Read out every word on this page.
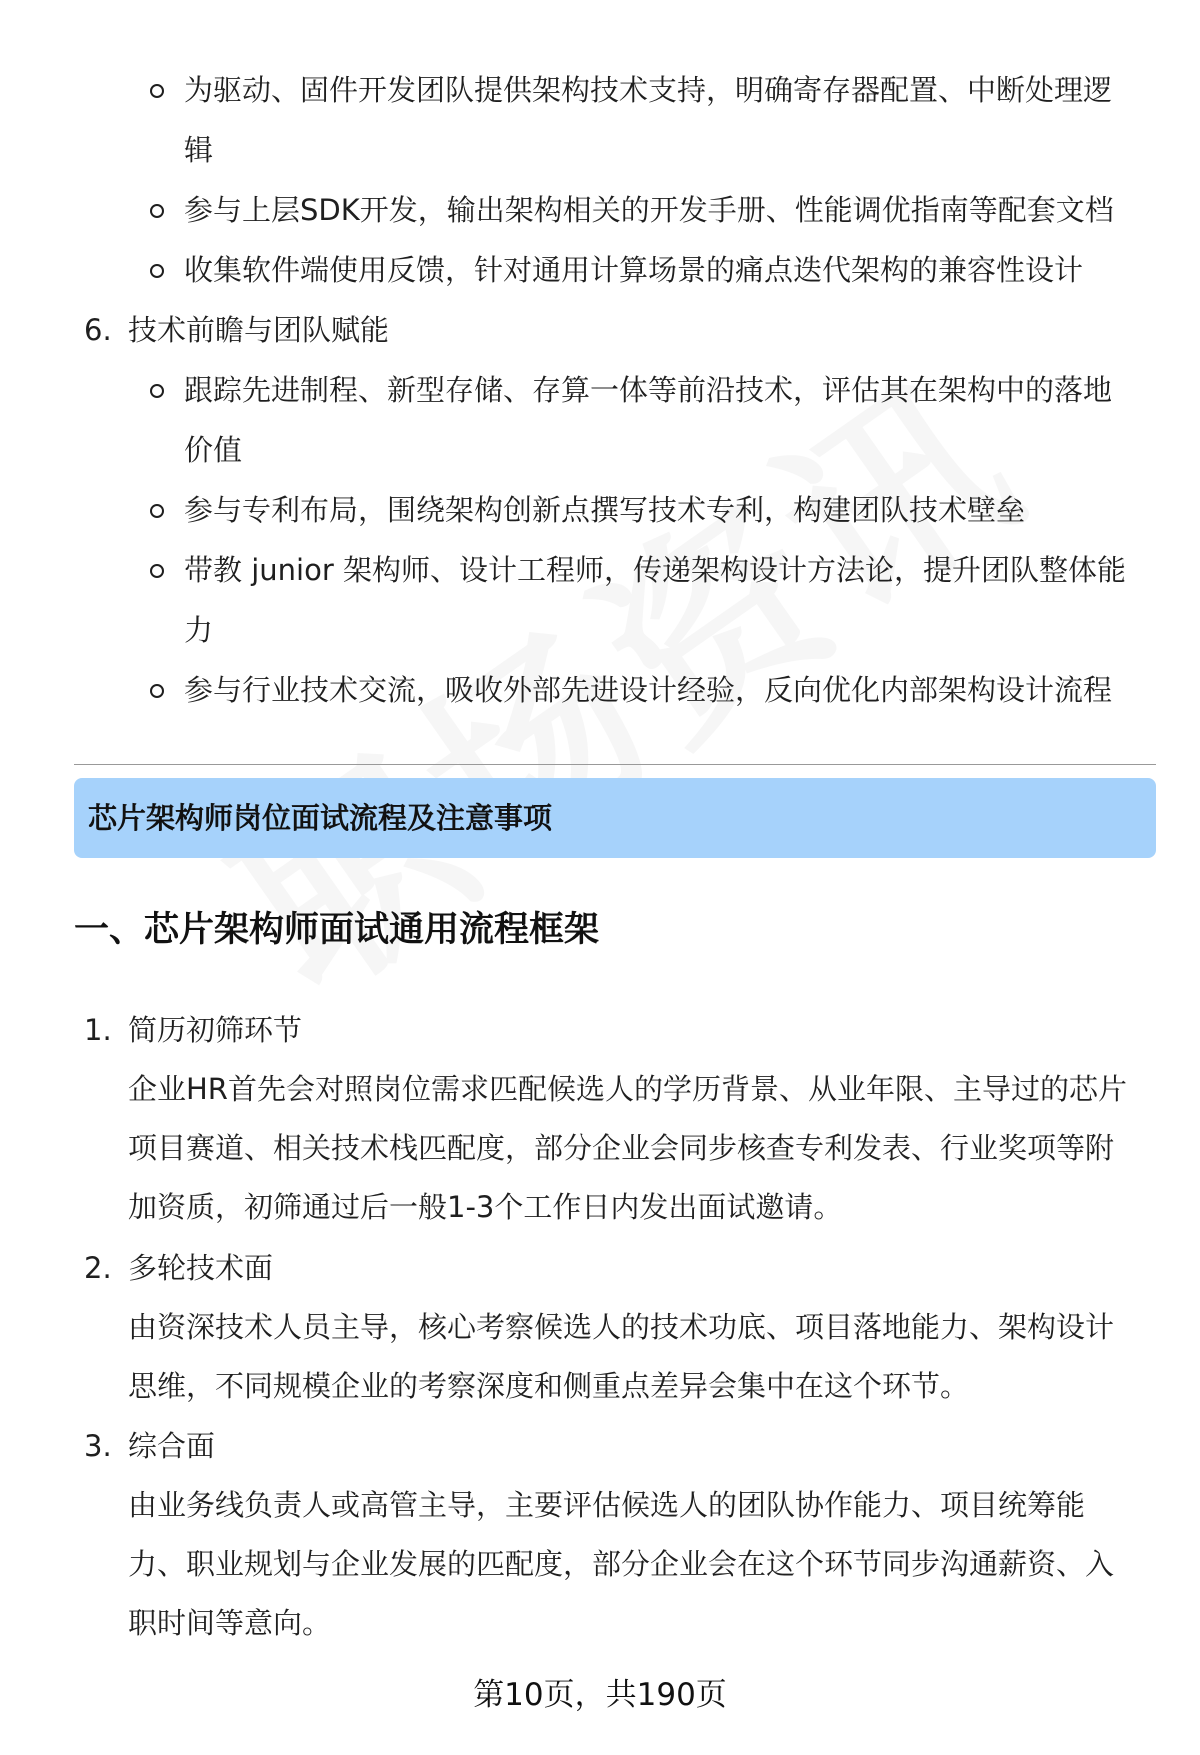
为驱动、固件开发团队提供架构技术支持，明确寄存器配置、中断处理逻
辑
参与上层SDK开发，输出架构相关的开发手册、性能调优指南等配套文档
收集软件端使用反馈，针对通用计算场景的痛点迭代架构的兼容性设计
6. 技术前瞻与团队赋能
跟踪先进制程、新型存储、存算一体等前沿技术，评估其在架构中的落地
价值
参与专利布局，围绕架构创新点撰写技术专利，构建团队技术壁垒
带教 junior 架构师、设计工程师，传递架构设计方法论，提升团队整体能
力
参与行业技术交流，吸收外部先进设计经验，反向优化内部架构设计流程
芯片架构师岗位面试流程及注意事项
一、芯片架构师面试通用流程框架
1. 简历初筛环节
企业HR首先会对照岗位需求匹配候选人的学历背景、从业年限、主导过的芯片
项目赛道、相关技术栈匹配度，部分企业会同步核查专利发表、行业奖项等附
加资质，初筛通过后一般1-3个工作日内发出面试邀请。
2. 多轮技术面
由资深技术人员主导，核心考察候选人的技术功底、项目落地能力、架构设计
思维，不同规模企业的考察深度和侧重点差异会集中在这个环节。
3. 综合面
由业务线负责人或高管主导，主要评估候选人的团队协作能力、项目统筹能
力、职业规划与企业发展的匹配度，部分企业会在这个环节同步沟通薪资、入
职时间等意向。
第10页，共190页
